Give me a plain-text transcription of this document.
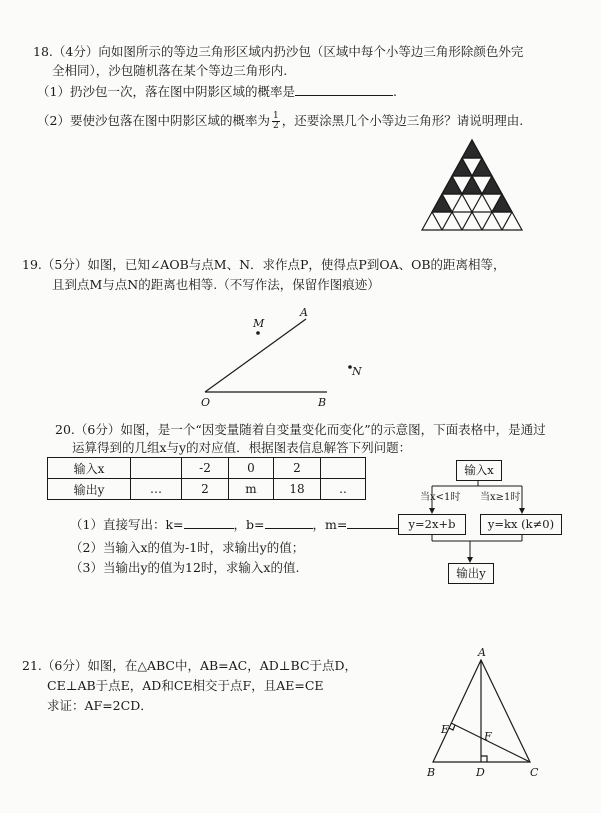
18.（4分）向如图所示的等边三角形区域内扔沙包（区域中每个小等边三角形除颜色外完
全相同），沙包随机落在某个等边三角形内.
（1）扔沙包一次，落在图中阴影区域的概率是	.
（2）要使沙包落在图中阴影区域的概率为 $\frac{1}{2}$ ，还要涂黑几个小等边三角形？请说明理由.
19.（5分）如图，已知∠AOB与点M、N．求作点P，使得点P到OA、OB的距离相等，
且到点M与点N的距离也相等.（不写作法，保留作图痕迹）
M
A
N
O	B
20.（6分）如图，是一个“因变量随着自变量变化而变化”的示意图，下面表格中，是通过
运算得到的几组x与y的对应值．根据图表信息解答下列问题：
输入x		-2	0	2	
输出y	…	2	m	18	..
（1）直接写出：k=	，b=	，m=
（2）当输入x的值为-1时，求输出y的值；
（3）当输出y的值为12时，求输入x的值.
输入x
当x<1时 当x≥1时
y=2x+b	y=kx (k≠0)
输出y
21.（6分）如图，在△ABC中，AB=AC，AD⊥BC于点D，
CE⊥AB于点E，AD和CE相交于点F，且AE=CE
求证：AF=2CD．
A
E
F
B	D	C
